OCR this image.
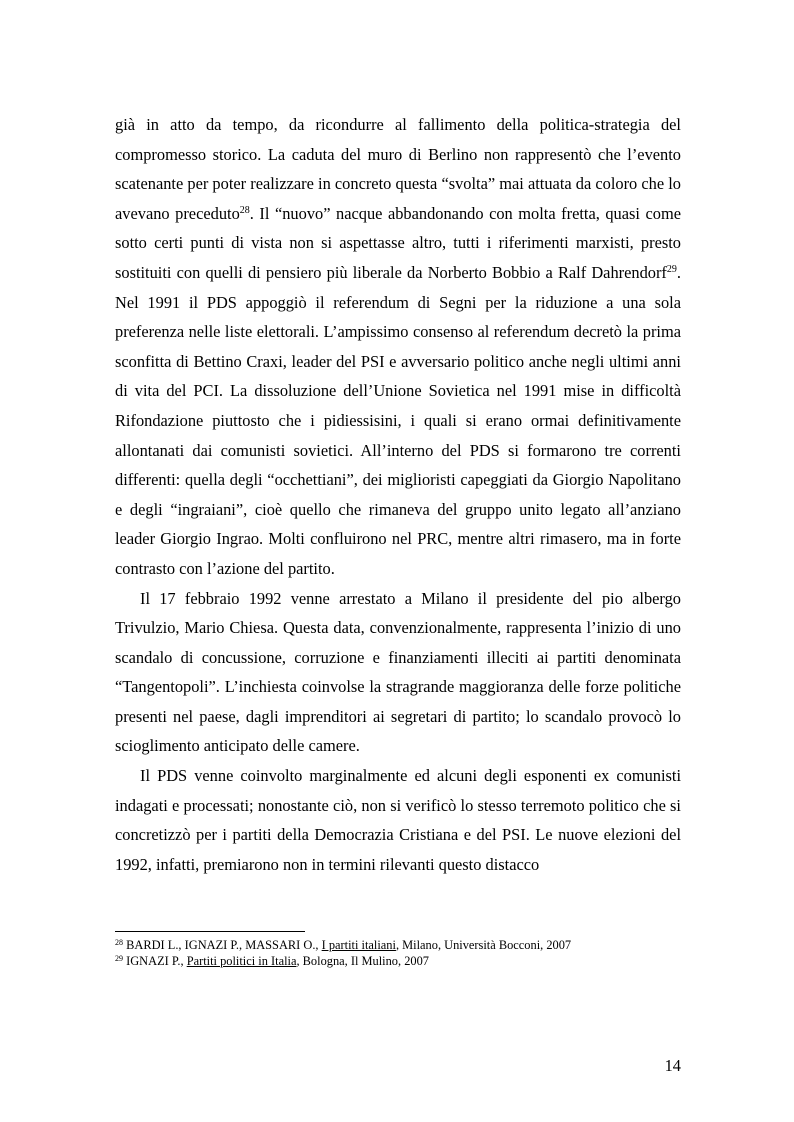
già in atto da tempo, da ricondurre al fallimento della politica-strategia del compromesso storico. La caduta del muro di Berlino non rappresentò che l’evento scatenante per poter realizzare in concreto questa “svolta” mai attuata da coloro che lo avevano preceduto$^{28}$. Il “nuovo” nacque abbandonando con molta fretta, quasi come sotto certi punti di vista non si aspettasse altro, tutti i riferimenti marxisti, presto sostituiti con quelli di pensiero più liberale da Norberto Bobbio a Ralf Dahrendorf$^{29}$. Nel 1991 il PDS appoggiò il referendum di Segni per la riduzione a una sola preferenza nelle liste elettorali. L’ampissimo consenso al referendum decretò la prima sconfitta di Bettino Craxi, leader del PSI e avversario politico anche negli ultimi anni di vita del PCI. La dissoluzione dell’Unione Sovietica nel 1991 mise in difficoltà Rifondazione piuttosto che i pidiessisini, i quali si erano ormai definitivamente allontanati dai comunisti sovietici. All’interno del PDS si formarono tre correnti differenti: quella degli “occhettiani”, dei miglioristi capeggiati da Giorgio Napolitano e degli “ingraiani”, cioè quello che rimaneva del gruppo unito legato all’anziano leader Giorgio Ingrao. Molti confluirono nel PRC, mentre altri rimasero, ma in forte contrasto con l’azione del partito.

Il 17 febbraio 1992 venne arrestato a Milano il presidente del pio albergo Trivulzio, Mario Chiesa. Questa data, convenzionalmente, rappresenta l’inizio di uno scandalo di concussione, corruzione e finanziamenti illeciti ai partiti denominata “Tangentopoli”. L’inchiesta coinvolse la stragrande maggioranza delle forze politiche presenti nel paese, dagli imprenditori ai segretari di partito; lo scandalo provocò lo scioglimento anticipato delle camere.

Il PDS venne coinvolto marginalmente ed alcuni degli esponenti ex comunisti indagati e processati; nonostante ciò, non si verificò lo stesso terremoto politico che si concretizzò per i partiti della Democrazia Cristiana e del PSI. Le nuove elezioni del 1992, infatti, premiarono non in termini rilevanti questo distacco

$^{28}$ BARDI L., IGNAZI P., MASSARI O., I partiti italiani, Milano, Università Bocconi, 2007

$^{29}$ IGNAZI P., Partiti politici in Italia, Bologna, Il Mulino, 2007

14
